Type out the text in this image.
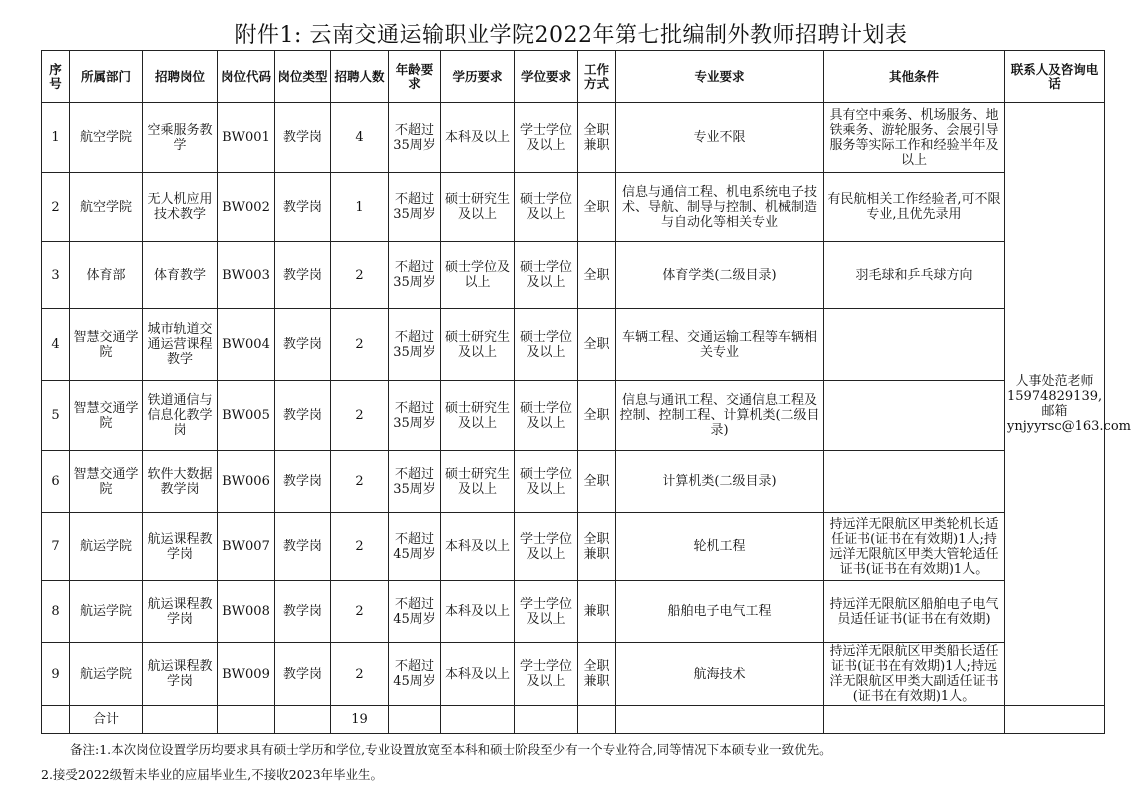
附件1: 云南交通运输职业学院2022年第七批编制外教师招聘计划表
序号	所属部门	招聘岗位	岗位代码	岗位类型	招聘人数	年龄要求	学历要求	学位要求	工作方式	专业要求	其他条件	联系人及咨询电话
1	航空学院	空乘服务教学	BW001	教学岗	4	不超过35周岁	本科及以上	学士学位及以上	全职兼职	专业不限	具有空中乘务、机场服务、地铁乘务、游轮服务、会展引导服务等实际工作和经验半年及以上	人事处范老师15974829139,邮箱ynjyyrsc@163.com
2	航空学院	无人机应用技术教学	BW002	教学岗	1	不超过35周岁	硕士研究生及以上	硕士学位及以上	全职	信息与通信工程、机电系统电子技术、导航、制导与控制、机械制造与自动化等相关专业	有民航相关工作经验者,可不限专业,且优先录用	
3	体育部	体育教学	BW003	教学岗	2	不超过35周岁	硕士学位及以上	硕士学位及以上	全职	体育学类(二级目录)	羽毛球和乒乓球方向	
4	智慧交通学院	城市轨道交通运营课程教学	BW004	教学岗	2	不超过35周岁	硕士研究生及以上	硕士学位及以上	全职	车辆工程、交通运输工程等车辆相关专业		
5	智慧交通学院	铁道通信与信息化教学岗	BW005	教学岗	2	不超过35周岁	硕士研究生及以上	硕士学位及以上	全职	信息与通讯工程、交通信息工程及控制、控制工程、计算机类(二级目录)		
6	智慧交通学院	软件大数据教学岗	BW006	教学岗	2	不超过35周岁	硕士研究生及以上	硕士学位及以上	全职	计算机类(二级目录)		
7	航运学院	航运课程教学岗	BW007	教学岗	2	不超过45周岁	本科及以上	学士学位及以上	全职兼职	轮机工程	持远洋无限航区甲类轮机长适任证书(证书在有效期)1人;持远洋无限航区甲类大管轮适任证书(证书在有效期)1人。	
8	航运学院	航运课程教学岗	BW008	教学岗	2	不超过45周岁	本科及以上	学士学位及以上	兼职	船舶电子电气工程	持远洋无限航区船舶电子电气员适任证书(证书在有效期)	
9	航运学院	航运课程教学岗	BW009	教学岗	2	不超过45周岁	本科及以上	学士学位及以上	全职兼职	航海技术	持远洋无限航区甲类船长适任证书(证书在有效期)1人;持远洋无限航区甲类大副适任证书(证书在有效期)1人。	
	合计				19							
备注:1.本次岗位设置学历均要求具有硕士学历和学位,专业设置放宽至本科和硕士阶段至少有一个专业符合,同等情况下本硕专业一致优先。
2.接受2022级暂未毕业的应届毕业生,不接收2023年毕业生。
